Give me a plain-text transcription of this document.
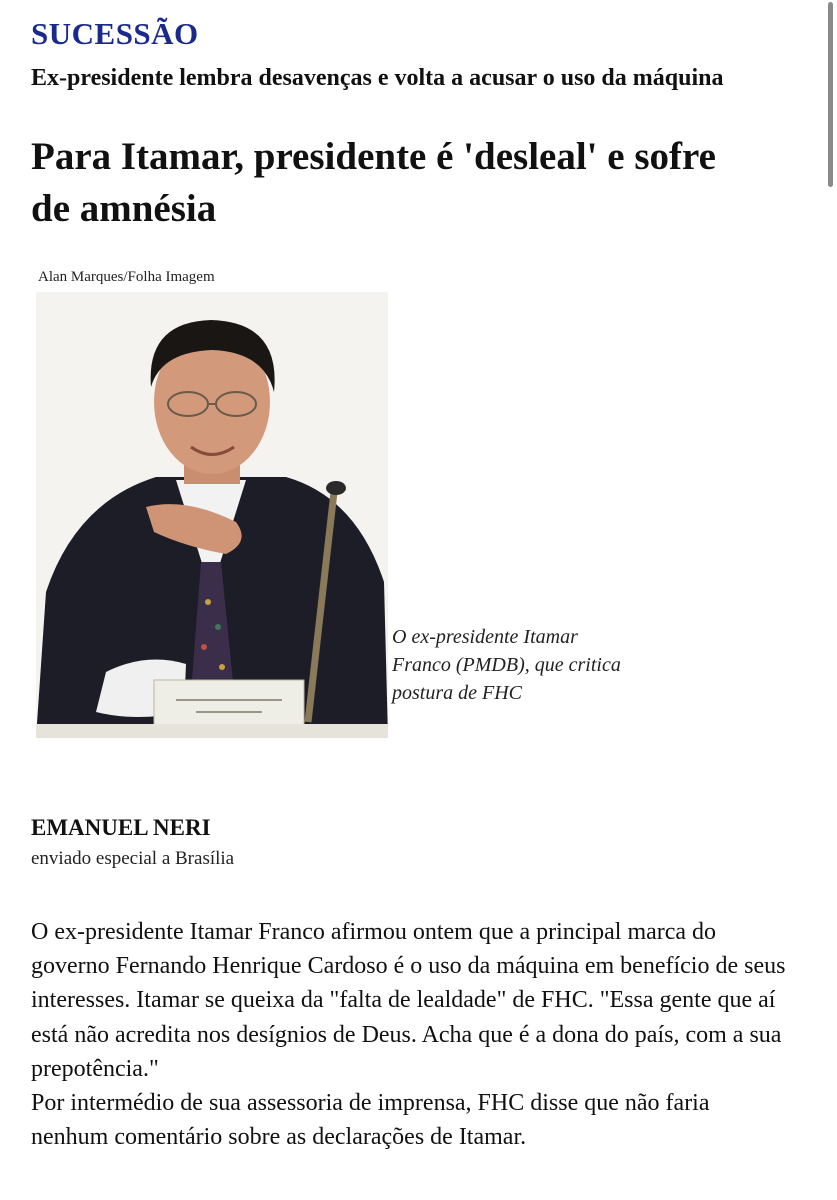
SUCESSÃO
Ex-presidente lembra desavenças e volta a acusar o uso da máquina
Para Itamar, presidente é 'desleal' e sofre de amnésia
Alan Marques/Folha Imagem
O ex-presidente Itamar Franco (PMDB), que critica postura de FHC
EMANUEL NERI
enviado especial a Brasília

O ex-presidente Itamar Franco afirmou ontem que a principal marca do governo Fernando Henrique Cardoso é o uso da máquina em benefício de seus interesses. Itamar se queixa da "falta de lealdade" de FHC. "Essa gente que aí está não acredita nos desígnios de Deus. Acha que é a dona do país, com a sua prepotência."

Por intermédio de sua assessoria de imprensa, FHC disse que não faria nenhum comentário sobre as declarações de Itamar.
